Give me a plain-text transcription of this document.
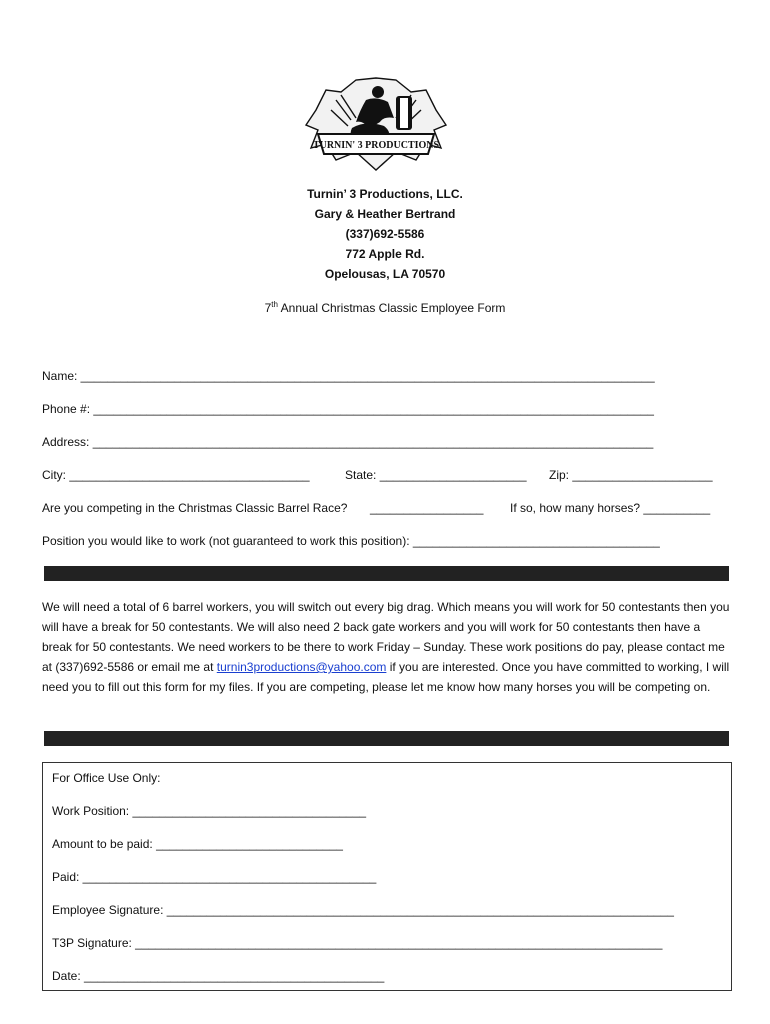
TURNIN' 3 PRODUCTIONS
Turnin’ 3 Productions, LLC.
Gary & Heather Bertrand
(337)692-5586
772 Apple Rd.
Opelousas, LA 70570
7th Annual Christmas Classic Employee Form
Name: ______________________________________________________________________________________
Phone #: ____________________________________________________________________________________
Address: ____________________________________________________________________________________
City: ____________________________________	State: ______________________ Zip: _____________________
Are you competing in the Christmas Classic Barrel Race? _________________ If so, how many horses? __________
Position you would like to work (not guaranteed to work this position): _____________________________________
We will need a total of 6 barrel workers, you will switch out every big drag. Which means you will work for 50 contestants then you will have a break for 50 contestants. We will also need 2 back gate workers and you will work for 50 contestants then have a break for 50 contestants. We need workers to be there to work Friday – Sunday. These work positions do pay, please contact me at (337)692-5586 or email me at turnin3productions@yahoo.com if you are interested. Once you have committed to working, I will need you to fill out this form for my files. If you are competing, please let me know how many horses you will be competing on.
For Office Use Only:
Work Position: ___________________________________
Amount to be paid: ____________________________
Paid: ____________________________________________
Employee Signature: ____________________________________________________________________________
T3P Signature: _______________________________________________________________________________
Date: _____________________________________________
